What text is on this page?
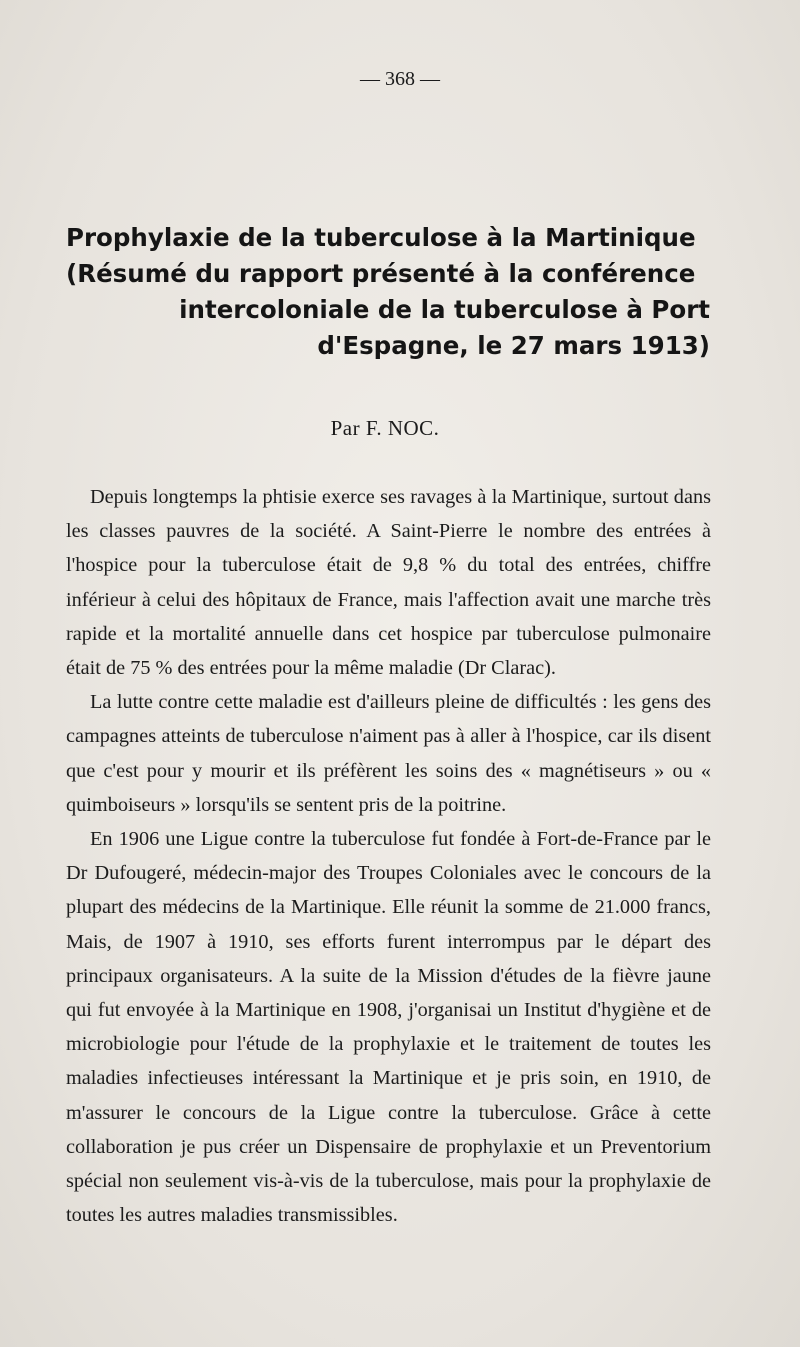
— 368 —
Prophylaxie de la tuberculose à la Martinique
(Résumé du rapport présenté à la conférence
intercoloniale de la tuberculose à Port
d'Espagne, le 27 mars 1913)
Par F. NOC.

Depuis longtemps la phtisie exerce ses ravages à la Martinique, surtout dans les classes pauvres de la société. A Saint-Pierre le nombre des entrées à l'hospice pour la tuberculose était de 9,8 % du total des entrées, chiffre inférieur à celui des hôpitaux de France, mais l'affection avait une marche très rapide et la mortalité annuelle dans cet hospice par tuberculose pulmonaire était de 75 % des entrées pour la même maladie (Dr Clarac).

La lutte contre cette maladie est d'ailleurs pleine de difficultés : les gens des campagnes atteints de tuberculose n'aiment pas à aller à l'hospice, car ils disent que c'est pour y mourir et ils préfèrent les soins des « magnétiseurs » ou « quimboiseurs » lorsqu'ils se sentent pris de la poitrine.

En 1906 une Ligue contre la tuberculose fut fondée à Fort-de-France par le Dr Dufougeré, médecin-major des Troupes Coloniales avec le concours de la plupart des médecins de la Martinique. Elle réunit la somme de 21.000 francs, Mais, de 1907 à 1910, ses efforts furent interrompus par le départ des principaux organisateurs. A la suite de la Mission d'études de la fièvre jaune qui fut envoyée à la Martinique en 1908, j'organisai un Institut d'hygiène et de microbiologie pour l'étude de la prophylaxie et le traitement de toutes les maladies infectieuses intéressant la Martinique et je pris soin, en 1910, de m'assurer le concours de la Ligue contre la tuberculose. Grâce à cette collaboration je pus créer un Dispensaire de prophylaxie et un Preventorium spécial non seulement vis-à-vis de la tuberculose, mais pour la prophylaxie de toutes les autres maladies transmissibles.
